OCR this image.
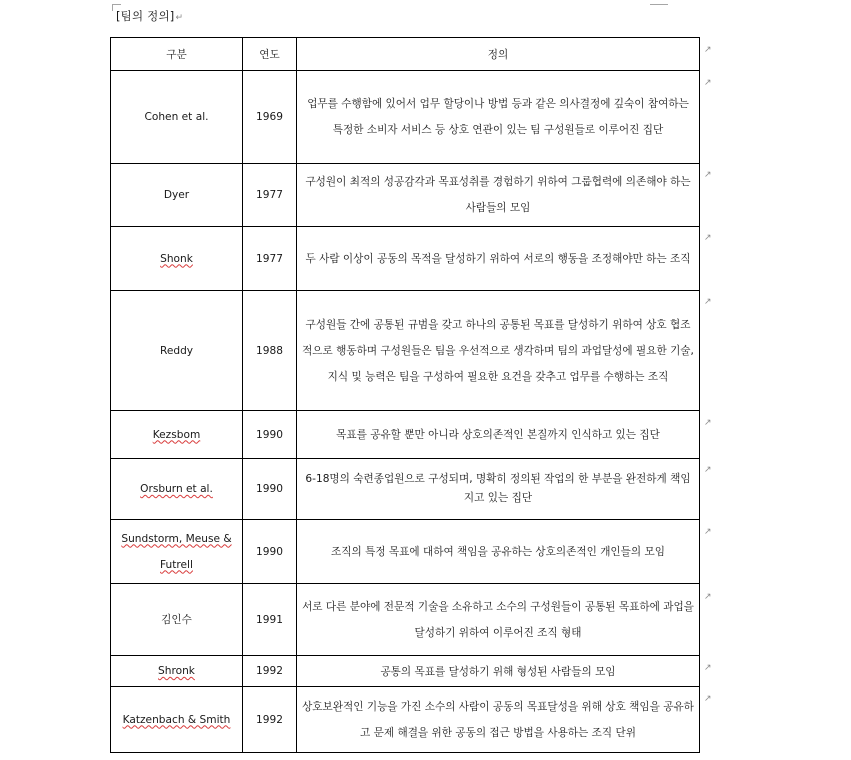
[팀의 정의]↵
구분	연도	정의
Cohen et al.	1969	업무를 수행함에 있어서 업무 할당이나 방법 등과 같은 의사결정에 깊숙이 참여하는 특정한 소비자 서비스 등 상호 연관이 있는 팀 구성원들로 이루어진 집단
Dyer	1977	구성원이 최적의 성공감각과 목표성취를 경험하기 위하여 그룹협력에 의존해야 하는 사람들의 모임
Shonk	1977	두 사람 이상이 공동의 목적을 달성하기 위하여 서로의 행동을 조정해야만 하는 조직
Reddy	1988	구성원들 간에 공통된 규범을 갖고 하나의 공통된 목표를 달성하기 위하여 상호 협조적으로 행동하며 구성원들은 팀을 우선적으로 생각하며 팀의 과업달성에 필요한 기술, 지식 및 능력은 팀을 구성하여 필요한 요건을 갖추고 업무를 수행하는 조직
Kezsbom	1990	목표를 공유할 뿐만 아니라 상호의존적인 본질까지 인식하고 있는 집단
Orsburn et al.	1990	6-18명의 숙련종업원으로 구성되며, 명확히 정의된 작업의 한 부분을 완전하게 책임지고 있는 집단
Sundstorm, Meuse & Futrell	1990	조직의 특정 목표에 대하여 책임을 공유하는 상호의존적인 개인들의 모임
김인수	1991	서로 다른 분야에 전문적 기술을 소유하고 소수의 구성원들이 공통된 목표하에 과업을 달성하기 위하여 이루어진 조직 형태
Shronk	1992	공통의 목표를 달성하기 위해 형성된 사람들의 모임
Katzenbach & Smith	1992	상호보완적인 기능을 가진 소수의 사람이 공동의 목표달성을 위해 상호 책임을 공유하고 문제 해결을 위한 공동의 접근 방법을 사용하는 조직 단위
↗
↗
↗
↗
↗
↗
↗
↗
↗
↗
↗
